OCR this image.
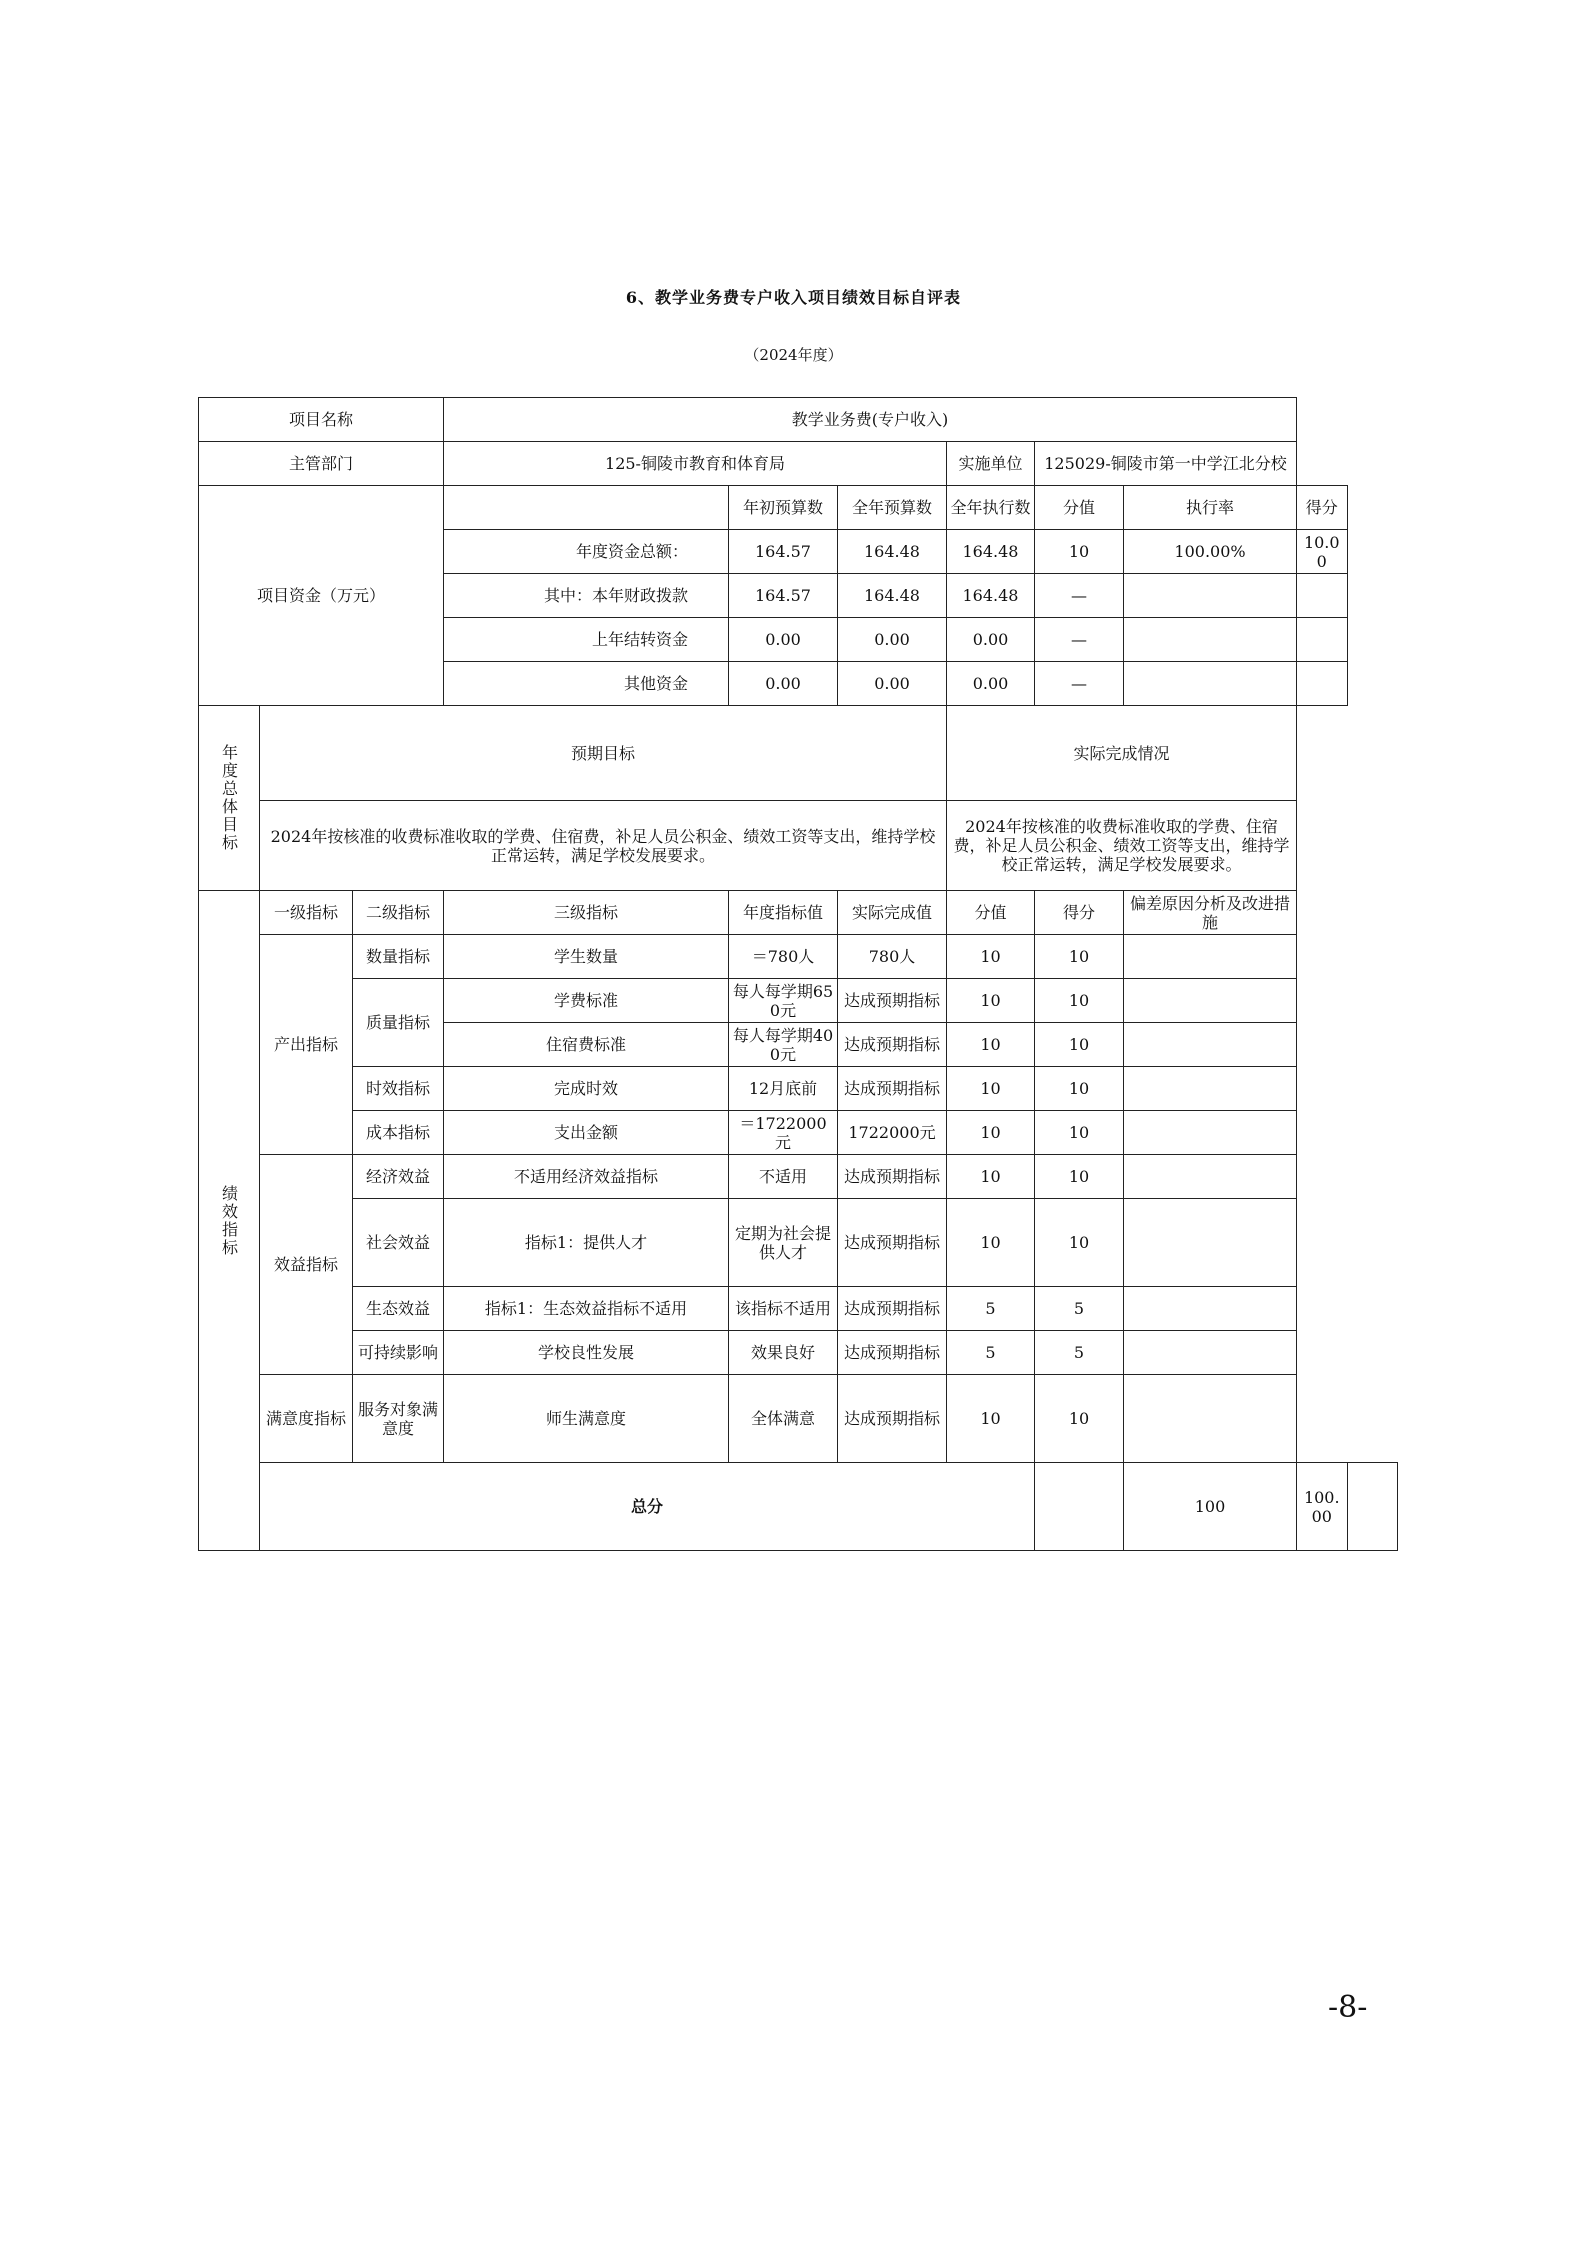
6、教学业务费专户收入项目绩效目标自评表
（2024年度）
项目名称			教学业务费(专户收入)							
主管部门			125-铜陵市教育和体育局			实施单位	125029-铜陵市第一中学江北分校			
项目资金（万元）				年初预算数	全年预算数	全年执行数	分值	执行率	得分	
			年度资金总额：	164.57	164.48	164.48	10	100.00%	10.00	
			其中：本年财政拨款	164.57	164.48	164.48	—			
			上年结转资金	0.00	0.00	0.00	—			
			其他资金	0.00	0.00	0.00	—			

年度总体目标	预期目标					实际完成情况				
	2024年按核准的收费标准收取的学费、住宿费，补足人员公积金、绩效工资等支出，维持学校正常运转，满足学校发展要求。					2024年按核准的收费标准收取的学费、住宿费，补足人员公积金、绩效工资等支出，维持学校正常运转，满足学校发展要求。				

绩效指标	一级指标	二级指标	三级指标	年度指标值	实际完成值	分值	得分	偏差原因分析及改进措施		
	产出指标	数量指标	学生数量	＝780人	780人	10	10			
		质量指标	学费标准	每人每学期650元	达成预期指标	10	10			
			住宿费标准	每人每学期400元	达成预期指标	10	10			
		时效指标	完成时效	12月底前	达成预期指标	10	10			
		成本指标	支出金额	＝1722000元	1722000元	10	10			
	效益指标	经济效益	不适用经济效益指标	不适用	达成预期指标	10	10			
		社会效益	指标1：提供人才	定期为社会提供人才	达成预期指标	10	10			
		生态效益	指标1：生态效益指标不适用	该指标不适用	达成预期指标	5	5			
		可持续影响	学校良性发展	效果良好	达成预期指标	5	5			
	满意度指标	服务对象满意度	师生满意度	全体满意	达成预期指标	10	10			
	总分							100	100.00	
-8-
